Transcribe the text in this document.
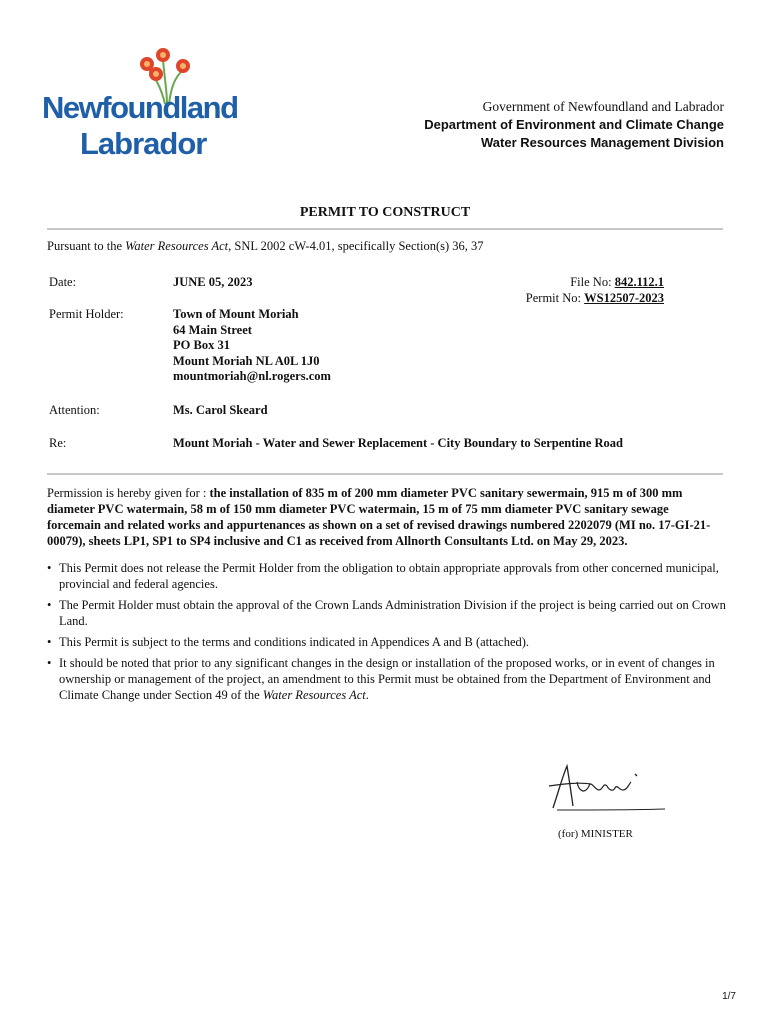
Newfoundland
Labrador
Government of Newfoundland and Labrador
Department of Environment and Climate Change
Water Resources Management Division
PERMIT TO CONSTRUCT
Pursuant to the Water Resources Act, SNL 2002 cW-4.01, specifically Section(s) 36, 37
Date:	JUNE 05, 2023	File No: 842.112.1
Permit No: WS12507-2023
Permit Holder:	Town of Mount Moriah
64 Main Street
PO Box 31
Mount Moriah NL A0L 1J0
mountmoriah@nl.rogers.com
Attention:	Ms. Carol Skeard
Re:	Mount Moriah - Water and Sewer Replacement - City Boundary to Serpentine Road
Permission is hereby given for : the installation of 835 m of 200 mm diameter PVC sanitary sewermain, 915 m of 300 mm diameter PVC watermain, 58 m of 150 mm diameter PVC watermain, 15 m of 75 mm diameter PVC sanitary sewage forcemain and related works and appurtenances as shown on a set of revised drawings numbered 2202079 (MI no. 17-GI-21-00079), sheets LP1, SP1 to SP4 inclusive and C1 as received from Allnorth Consultants Ltd. on May 29, 2023.
• This Permit does not release the Permit Holder from the obligation to obtain appropriate approvals from other concerned municipal, provincial and federal agencies.
• The Permit Holder must obtain the approval of the Crown Lands Administration Division if the project is being carried out on Crown Land.
• This Permit is subject to the terms and conditions indicated in Appendices A and B (attached).
• It should be noted that prior to any significant changes in the design or installation of the proposed works, or in event of changes in ownership or management of the project, an amendment to this Permit must be obtained from the Department of Environment and Climate Change under Section 49 of the Water Resources Act.
(for) MINISTER
1/7
